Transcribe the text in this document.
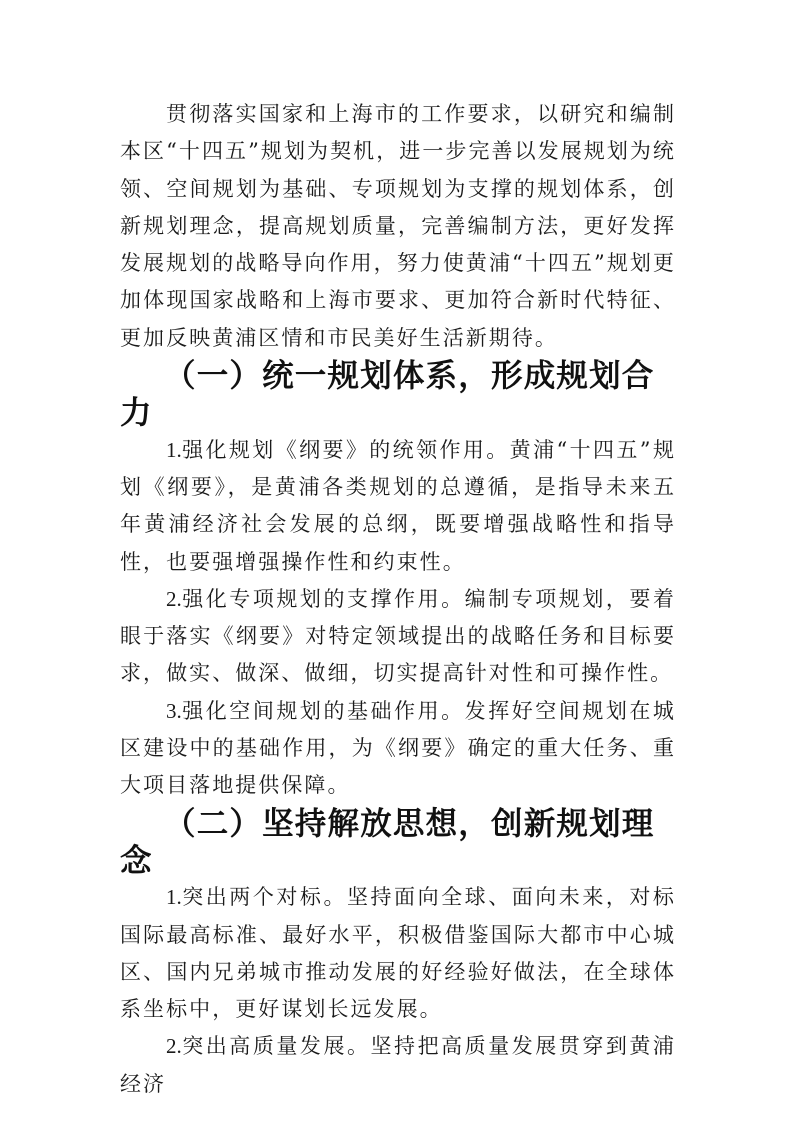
贯彻落实国家和上海市的工作要求，以研究和编制本区“十四五”规划为契机，进一步完善以发展规划为统领、空间规划为基础、专项规划为支撑的规划体系，创新规划理念，提高规划质量，完善编制方法，更好发挥发展规划的战略导向作用，努力使黄浦“十四五”规划更加体现国家战略和上海市要求、更加符合新时代特征、更加反映黄浦区情和市民美好生活新期待。

（一）统一规划体系，形成规划合力

1.强化规划《纲要》的统领作用。黄浦“十四五”规划《纲要》，是黄浦各类规划的总遵循，是指导未来五年黄浦经济社会发展的总纲，既要增强战略性和指导性，也要强增强操作性和约束性。

2.强化专项规划的支撑作用。编制专项规划，要着眼于落实《纲要》对特定领域提出的战略任务和目标要求，做实、做深、做细，切实提高针对性和可操作性。

3.强化空间规划的基础作用。发挥好空间规划在城区建设中的基础作用，为《纲要》确定的重大任务、重大项目落地提供保障。

（二）坚持解放思想，创新规划理念

1.突出两个对标。坚持面向全球、面向未来，对标国际最高标准、最好水平，积极借鉴国际大都市中心城区、国内兄弟城市推动发展的好经验好做法，在全球体系坐标中，更好谋划长远发展。

2.突出高质量发展。坚持把高质量发展贯穿到黄浦经济
